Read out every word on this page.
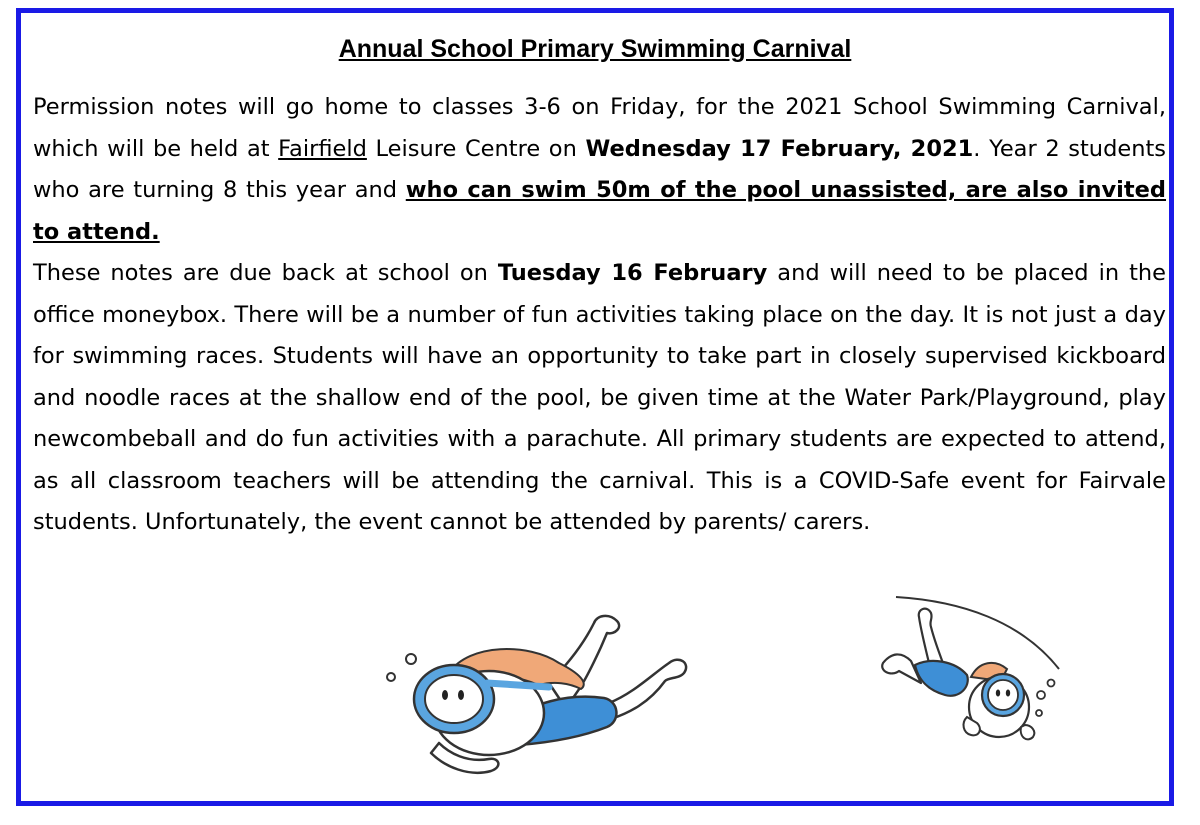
Annual School Primary Swimming Carnival

Permission notes will go home to classes 3-6 on Friday, for the 2021 School Swimming Carnival, which will be held at Fairfield Leisure Centre on Wednesday 17 February, 2021. Year 2 students who are turning 8 this year and who can swim 50m of the pool unassisted, are also invited to attend.

These notes are due back at school on Tuesday 16 February and will need to be placed in the office moneybox. There will be a number of fun activities taking place on the day. It is not just a day for swimming races. Students will have an opportunity to take part in closely supervised kickboard and noodle races at the shallow end of the pool, be given time at the Water Park/Playground, play newcombeball and do fun activities with a parachute. All primary students are expected to attend, as all classroom teachers will be attending the carnival. This is a COVID-Safe event for Fairvale students. Unfortunately, the event cannot be attended by parents/ carers.
